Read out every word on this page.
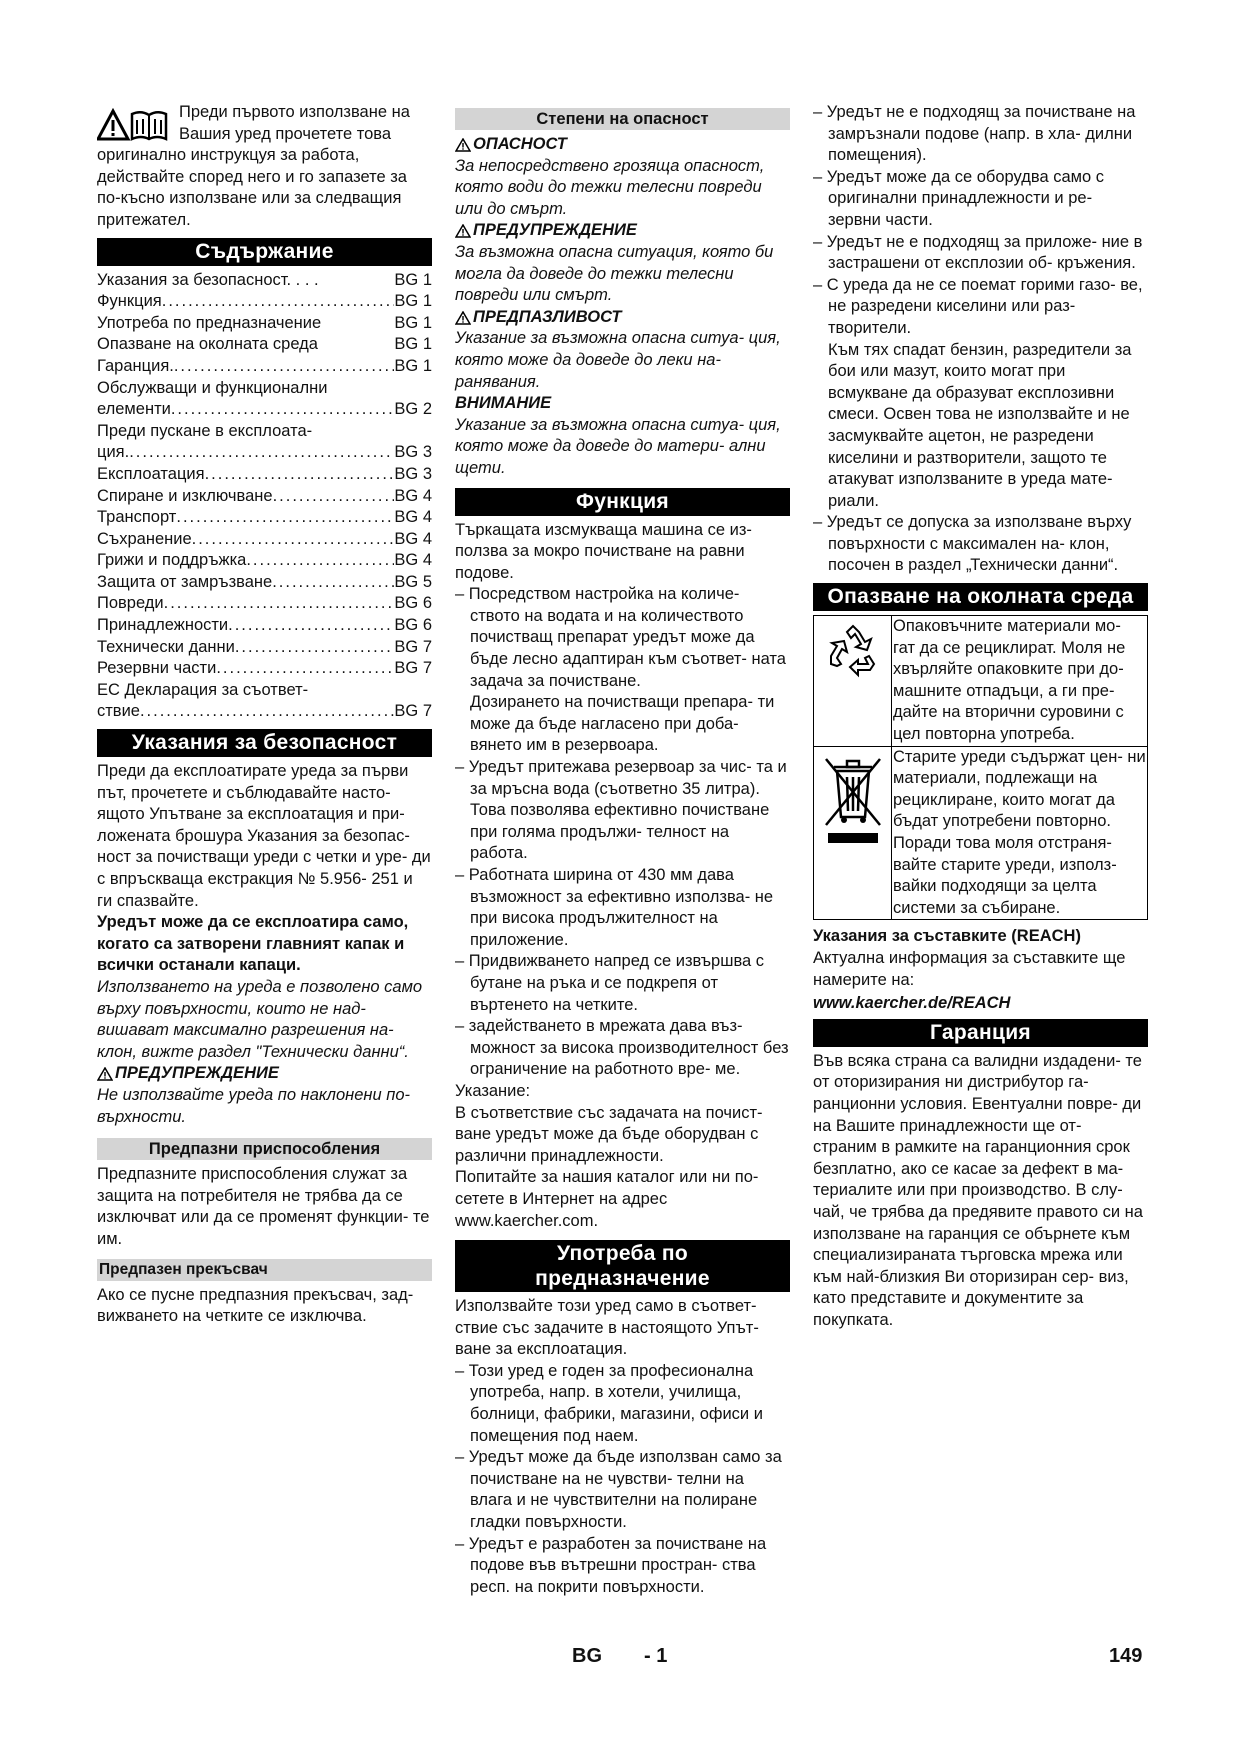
Преди първото използване на
Вашия уред прочетете това
оригинално инструкцуя за работа,
действайте според него и го запазете за
по-късно използване или за следващия
притежател.
Съдържание
Указания за безопасност. . . .	BG 1
Функция .....	BG 1
Употреба по предназначение	BG 1
Опазване на околната среда	BG 1
Гаранция. .....	BG 1
Обслужващи и функционални
елементи .....	BG 2
Преди пускане в експлоата-
ция. .....	BG 3
Експлоатация .....	BG 3
Спиране и изключване .....	BG 4
Транспорт .....	BG 4
Съхранение .....	BG 4
Грижи и поддръжка .....	BG 4
Защита от замръзване .....	BG 5
Повреди .....	BG 6
Принадлежности .....	BG 6
Технически данни .....	BG 7
Резервни части .....	BG 7
ЕС Декларация за съответ-
ствие .....	BG 7
Указания за безопасност

Преди да експлоатирате уреда за първи път, прочетете и съблюдавайте насто- ящото Упътване за експлоатация и при- ложената брошура Указания за безопас- ност за почистващи уреди с четки и уре- ди с впръскваща екстракция № 5.956- 251 и ги спазвайте.

Уредът може да се експлоатира само, когато са затворени главният капак и всички останали капаци.

Използването на уреда е позволено само върху повърхности, които не над- вишават максимално разрешения на- клон, вижте раздел "Технически данни“.

ПРЕДУПРЕЖДЕНИЕ

Не използвайте уреда по наклонени по- върхности.

Предпазни приспособления

Предпазните приспособления служат за защита на потребителя не трябва да се изключват или да се променят функции- те им.

Предпазен прекъсвач

Ако се пусне предпазния прекъсвач, зад- вижването на четките се изключва.

Степени на опасност
ОПАСНОСТ

За непосредствено грозяща опасност, която води до тежки телесни повреди или до смърт.

ПРЕДУПРЕЖДЕНИЕ

За възможна опасна ситуация, която би могла да доведе до тежки телесни повреди или смърт.

ПРЕДПАЗЛИВОСТ

Указание за възможна опасна ситуа- ция, която може да доведе до леки на- ранявания.

ВНИМАНИЕ

Указание за възможна опасна ситуа- ция, която може да доведе до матери- ални щети.

Функция

Търкащата изсмукваща машина се из- ползва за мокро почистване на равни подове.

– Посредством настройка на количе- ството на водата и на количеството почистващ препарат уредът може да бъде лесно адаптиран към съответ- ната задача за почистване.
Дозирането на почистващи препара- ти може да бъде нагласено при доба- вянето им в резервоара.
– Уредът притежава резервоар за чис- та и за мръсна вода (съответно 35 литра). Това позволява ефективно почистване при голяма продължи- телност на работа.
– Работната ширина от 430 мм дава възможност за ефективно използва- не при висока продължителност на приложение.
– Придвижването напред се извършва с бутане на ръка и се подкрепя от въртенето на четките.
– задействането в мрежата дава въз- можност за висока производителност без ограничение на работното вре- ме.
Указание:

В съответствие със задачата на почист- ване уредът може да бъде оборудван с различни принадлежности.

Попитайте за нашия каталог или ни по- сетете в Интернет на адрес www.kaercher.com.

Употреба по
предназначение

Използвайте този уред само в съответ- ствие със задачите в настоящото Упът- ване за експлоатация.

– Този уред е годен за професионална употреба, напр. в хотели, училища, болници, фабрики, магазини, офиси и помещения под наем.
– Уредът може да бъде използван само за почистване на не чувстви- телни на влага и не чувствителни на полиране гладки повърхности.
– Уредът е разработен за почистване на подове във вътрешни простран- ства респ. на покрити повърхности.
– Уредът не е подходящ за почистване на замръзнали подове (напр. в хла- дилни помещения).
– Уредът може да се оборудва само с оригинални принадлежности и ре- зервни части.
– Уредът не е подходящ за приложе- ние в застрашени от експлозии об- кръжения.
– С уреда да не се поемат горими газо- ве, не разредени киселини или раз- творители.
Към тях спадат бензин, разредители за бои или мазут, които могат при всмукване да образуват експлозивни смеси. Освен това не използвайте и не засмуквайте ацетон, не разредени киселини и разтворители, защото те атакуват използваните в уреда мате- риали.
– Уредът се допуска за използване върху повърхности с максимален на- клон, посочен в раздел „Технически данни“.
Опазване на околната среда
Опаковъчните материали мо- гат да се рециклират. Моля не хвърляйте опаковките при до- машните отпадъци, а ги пре- дайте на вторични суровини с цел повторна употреба.
Старите уреди съдържат цен- ни материали, подлежащи на рециклиране, които могат да бъдат употребени повторно. Поради това моля отстраня- вайте старите уреди, използ- вайки подходящи за целта системи за събиране.
Указания за съставките (REACH)

Актуална информация за съставките ще намерите на:

www.kaercher.de/REACH
Гаранция

Във всяка страна са валидни издадени- те от оторизирания ни дистрибутор га- ранционни условия. Евентуални повре- ди на Вашите принадлежности ще от- страним в рамките на гаранционния срок безплатно, ако се касае за дефект в ма- териалите или при производство. В слу- чай, че трябва да предявите правото си на използване на гаранция се обърнете към специализираната търговска мрежа или към най-близкия Ви оторизиран сер- виз, като представите и документите за покупката.

BG - 1	149
